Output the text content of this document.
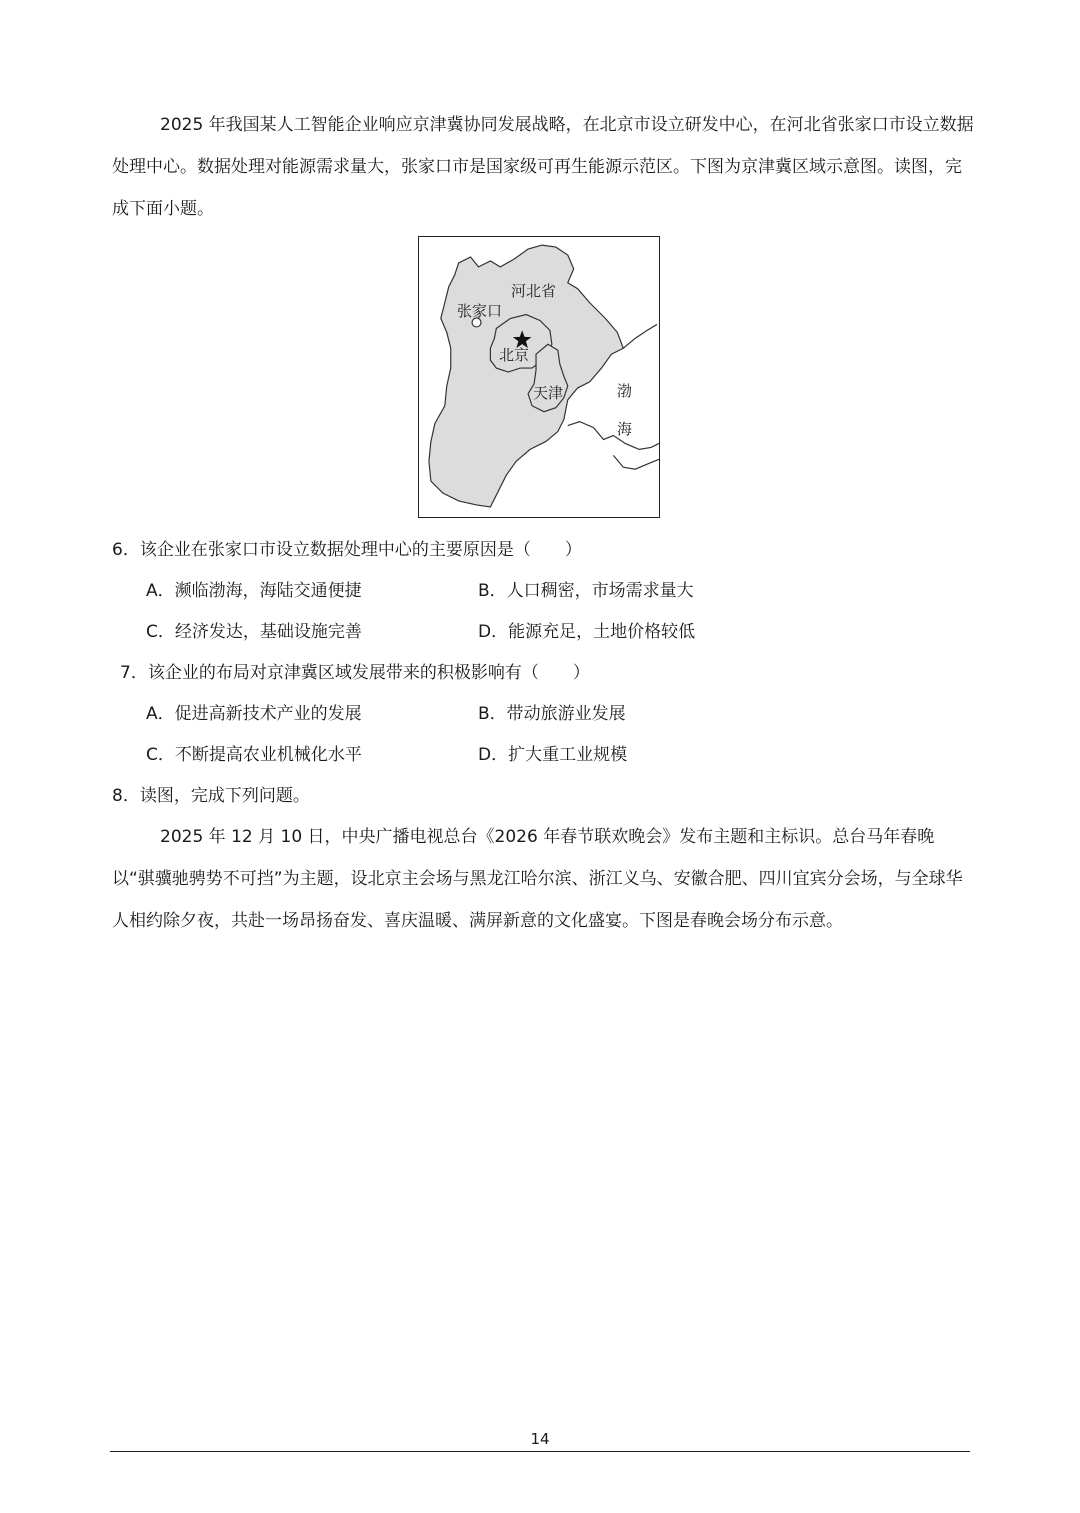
2025 年我国某人工智能企业响应京津冀协同发展战略，在北京市设立研发中心，在河北省张家口市设立数据处理中心。数据处理对能源需求量大，张家口市是国家级可再生能源示范区。下图为京津冀区域示意图。读图，完成下面小题。

河北省
张家口
北京
天津	渤
海
6．该企业在张家口市设立数据处理中心的主要原因是（　　）
A．濒临渤海，海陆交通便捷	B．人口稠密，市场需求量大
C．经济发达，基础设施完善	D．能源充足，土地价格较低
7．该企业的布局对京津冀区域发展带来的积极影响有（　　）
A．促进高新技术产业的发展	B．带动旅游业发展
C．不断提高农业机械化水平	D．扩大重工业规模
8．读图，完成下列问题。

2025 年 12 月 10 日，中央广播电视总台《2026 年春节联欢晚会》发布主题和主标识。总台马年春晚以“骐骥驰骋势不可挡”为主题，设北京主会场与黑龙江哈尔滨、浙江义乌、安徽合肥、四川宜宾分会场，与全球华人相约除夕夜，共赴一场昂扬奋发、喜庆温暖、满屏新意的文化盛宴。下图是春晚会场分布示意。

14
